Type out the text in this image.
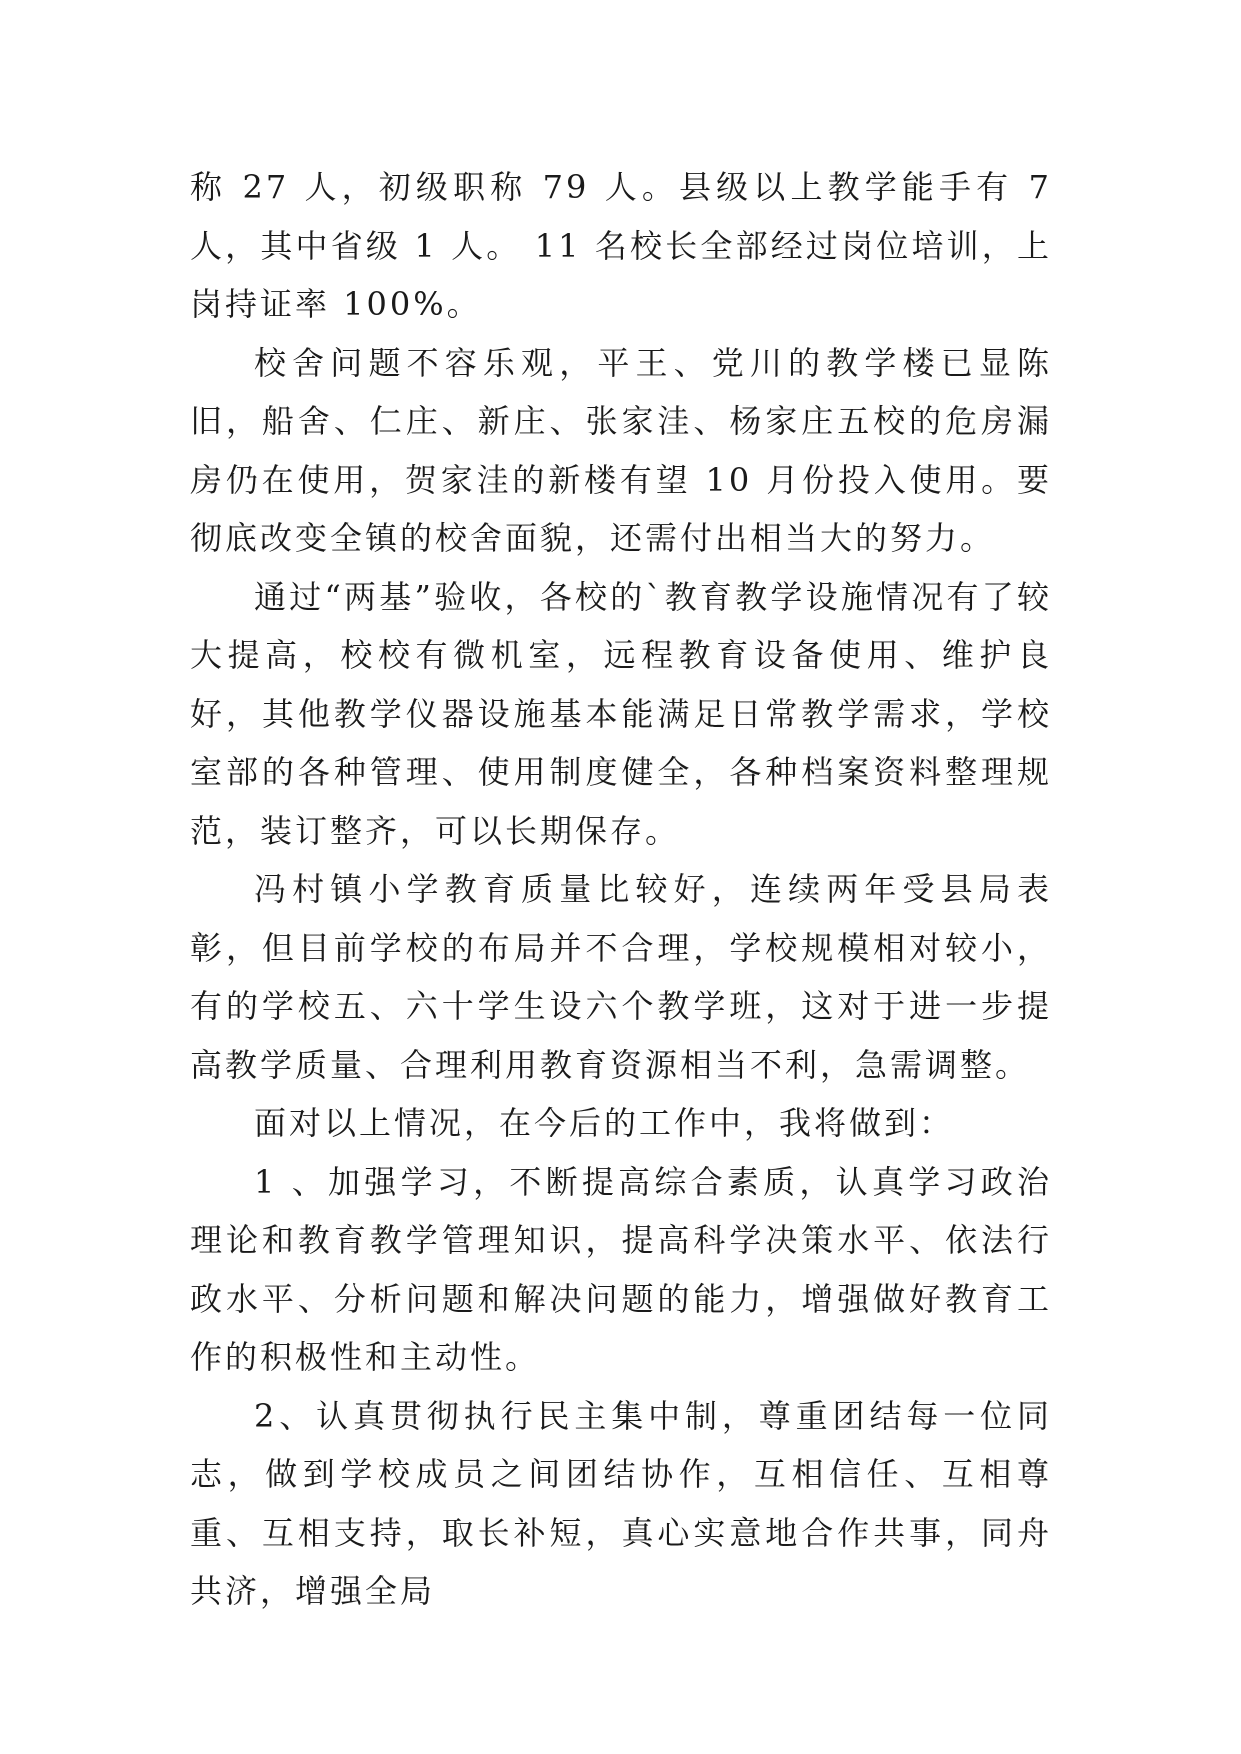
称 27 人，初级职称 79 人。县级以上教学能手有 7 人，其中省级 1 人。 11 名校长全部经过岗位培训，上岗持证率 100%。

校舍问题不容乐观，平王、党川的教学楼已显陈旧，船舍、仁庄、新庄、张家洼、杨家庄五校的危房漏房仍在使用，贺家洼的新楼有望 10 月份投入使用。要彻底改变全镇的校舍面貌，还需付出相当大的努力。

通过“两基”验收，各校的`教育教学设施情况有了较大提高，校校有微机室，远程教育设备使用、维护良好，其他教学仪器设施基本能满足日常教学需求，学校室部的各种管理、使用制度健全，各种档案资料整理规范，装订整齐，可以长期保存。

冯村镇小学教育质量比较好，连续两年受县局表彰，但目前学校的布局并不合理，学校规模相对较小，有的学校五、六十学生设六个教学班，这对于进一步提高教学质量、合理利用教育资源相当不利，急需调整。

面对以上情况，在今后的工作中，我将做到：

1 、加强学习，不断提高综合素质，认真学习政治理论和教育教学管理知识，提高科学决策水平、依法行政水平、分析问题和解决问题的能力，增强做好教育工作的积极性和主动性。

2、认真贯彻执行民主集中制，尊重团结每一位同志，做到学校成员之间团结协作，互相信任、互相尊重、互相支持，取长补短，真心实意地合作共事，同舟共济，增强全局
